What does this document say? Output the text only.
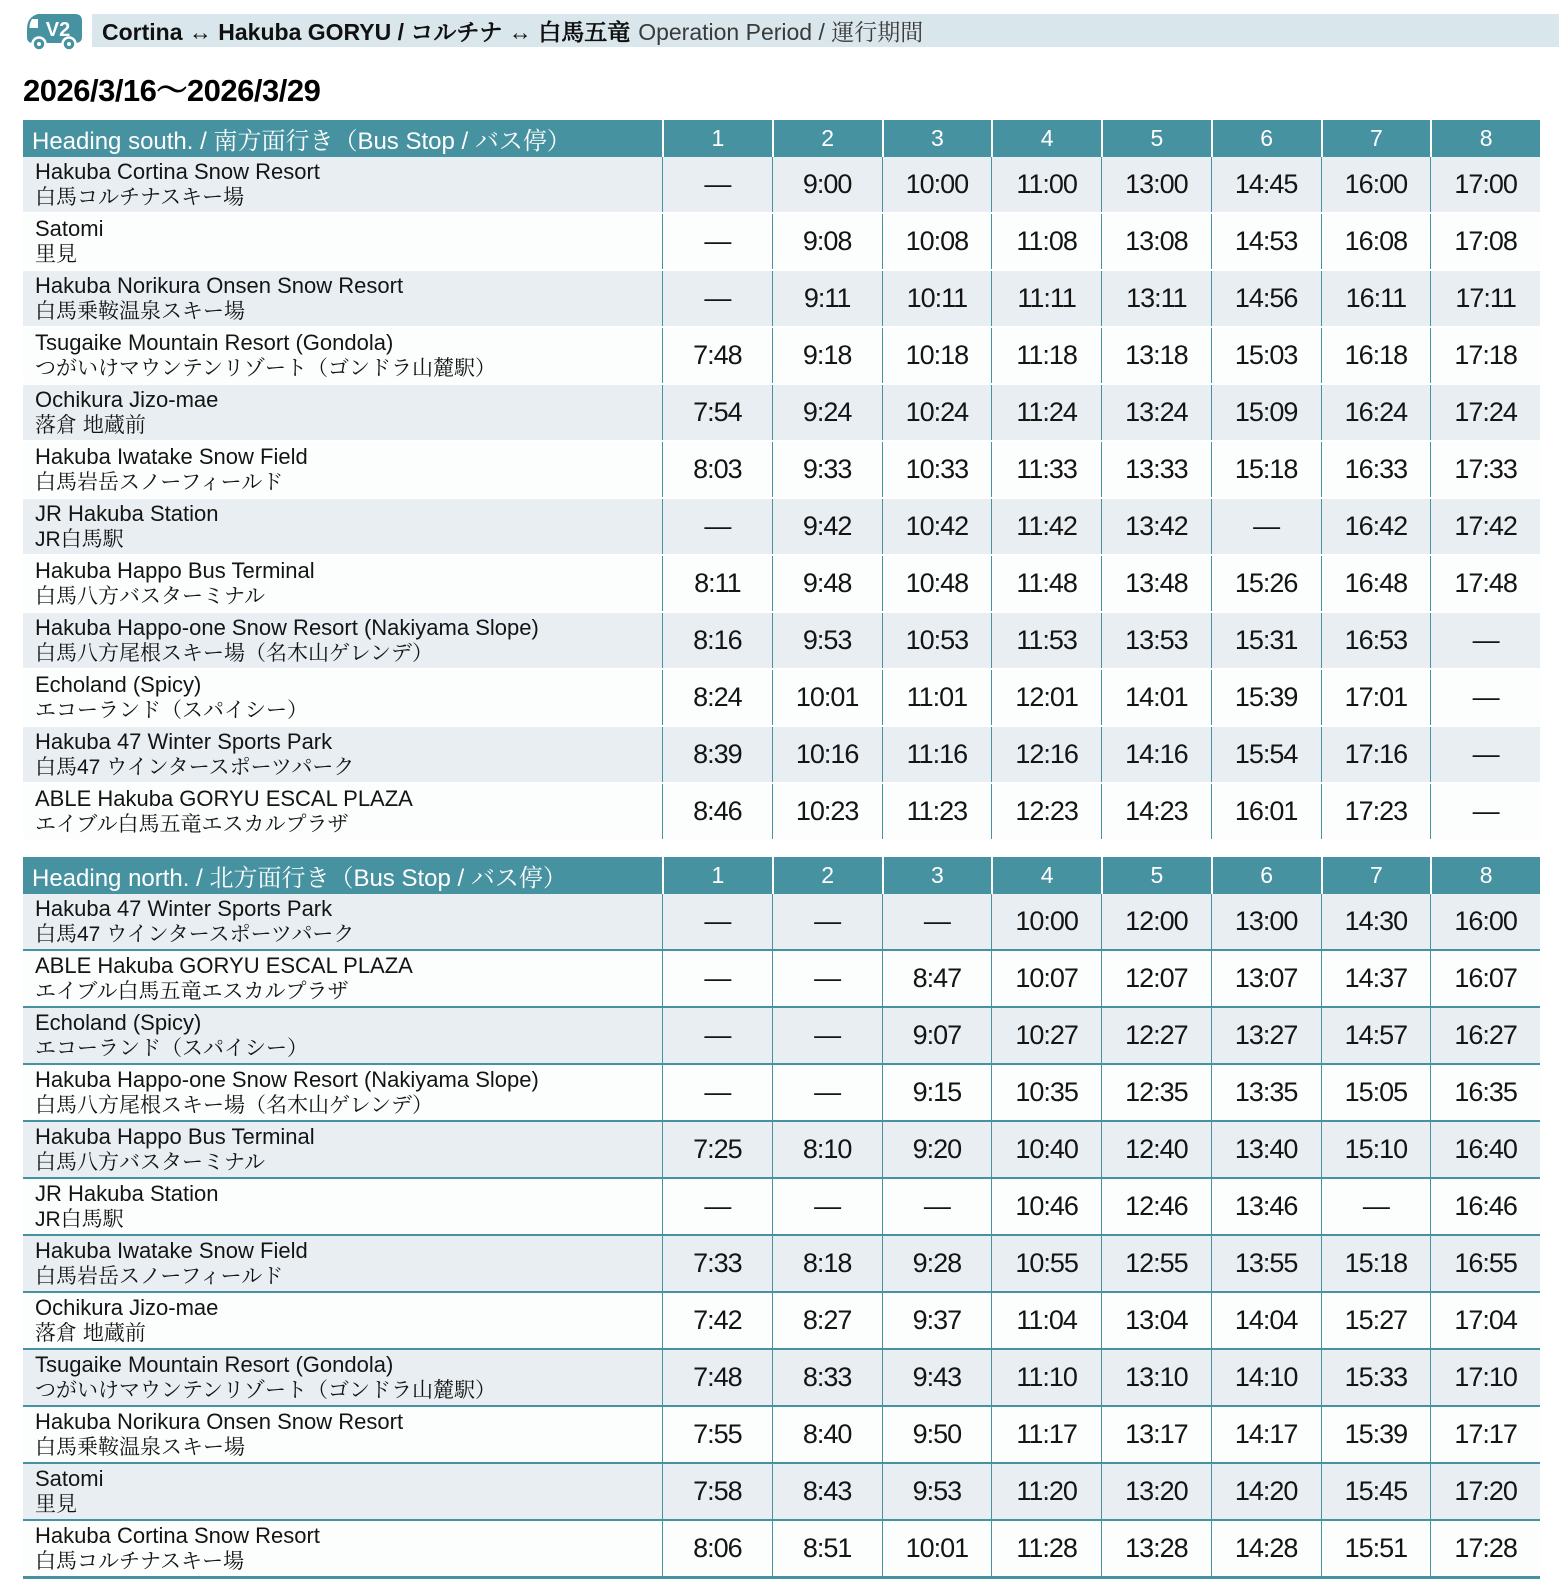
V2 Cortina ↔ Hakuba GORYU / コルチナ ↔ 白馬五竜 Operation Period / 運行期間
2026/3/16〜2026/3/29
Heading south. / 南方面行き（Bus Stop / バス停）	1	2	3	4	5	6	7	8
Hakuba Cortina Snow Resort
白馬コルチナスキー場	—	9:00	10:00	11:00	13:00	14:45	16:00	17:00
Satomi
里見	—	9:08	10:08	11:08	13:08	14:53	16:08	17:08
Hakuba Norikura Onsen Snow Resort
白馬乗鞍温泉スキー場	—	9:11	10:11	11:11	13:11	14:56	16:11	17:11
Tsugaike Mountain Resort (Gondola)
つがいけマウンテンリゾート（ゴンドラ山麓駅）	7:48	9:18	10:18	11:18	13:18	15:03	16:18	17:18
Ochikura Jizo-mae
落倉 地蔵前	7:54	9:24	10:24	11:24	13:24	15:09	16:24	17:24
Hakuba Iwatake Snow Field
白馬岩岳スノーフィールド	8:03	9:33	10:33	11:33	13:33	15:18	16:33	17:33
JR Hakuba Station
JR白馬駅	—	9:42	10:42	11:42	13:42	—	16:42	17:42
Hakuba Happo Bus Terminal
白馬八方バスターミナル	8:11	9:48	10:48	11:48	13:48	15:26	16:48	17:48
Hakuba Happo-one Snow Resort (Nakiyama Slope)
白馬八方尾根スキー場（名木山ゲレンデ）	8:16	9:53	10:53	11:53	13:53	15:31	16:53	—
Echoland (Spicy)
エコーランド（スパイシー）	8:24	10:01	11:01	12:01	14:01	15:39	17:01	—
Hakuba 47 Winter Sports Park
白馬47 ウインタースポーツパーク	8:39	10:16	11:16	12:16	14:16	15:54	17:16	—
ABLE Hakuba GORYU ESCAL PLAZA
エイブル白馬五竜エスカルプラザ	8:46	10:23	11:23	12:23	14:23	16:01	17:23	—
Heading north. / 北方面行き（Bus Stop / バス停）	1	2	3	4	5	6	7	8
Hakuba 47 Winter Sports Park
白馬47 ウインタースポーツパーク	—	—	—	10:00	12:00	13:00	14:30	16:00
ABLE Hakuba GORYU ESCAL PLAZA
エイブル白馬五竜エスカルプラザ	—	—	8:47	10:07	12:07	13:07	14:37	16:07
Echoland (Spicy)
エコーランド（スパイシー）	—	—	9:07	10:27	12:27	13:27	14:57	16:27
Hakuba Happo-one Snow Resort (Nakiyama Slope)
白馬八方尾根スキー場（名木山ゲレンデ）	—	—	9:15	10:35	12:35	13:35	15:05	16:35
Hakuba Happo Bus Terminal
白馬八方バスターミナル	7:25	8:10	9:20	10:40	12:40	13:40	15:10	16:40
JR Hakuba Station
JR白馬駅	—	—	—	10:46	12:46	13:46	—	16:46
Hakuba Iwatake Snow Field
白馬岩岳スノーフィールド	7:33	8:18	9:28	10:55	12:55	13:55	15:18	16:55
Ochikura Jizo-mae
落倉 地蔵前	7:42	8:27	9:37	11:04	13:04	14:04	15:27	17:04
Tsugaike Mountain Resort (Gondola)
つがいけマウンテンリゾート（ゴンドラ山麓駅）	7:48	8:33	9:43	11:10	13:10	14:10	15:33	17:10
Hakuba Norikura Onsen Snow Resort
白馬乗鞍温泉スキー場	7:55	8:40	9:50	11:17	13:17	14:17	15:39	17:17
Satomi
里見	7:58	8:43	9:53	11:20	13:20	14:20	15:45	17:20
Hakuba Cortina Snow Resort
白馬コルチナスキー場	8:06	8:51	10:01	11:28	13:28	14:28	15:51	17:28
